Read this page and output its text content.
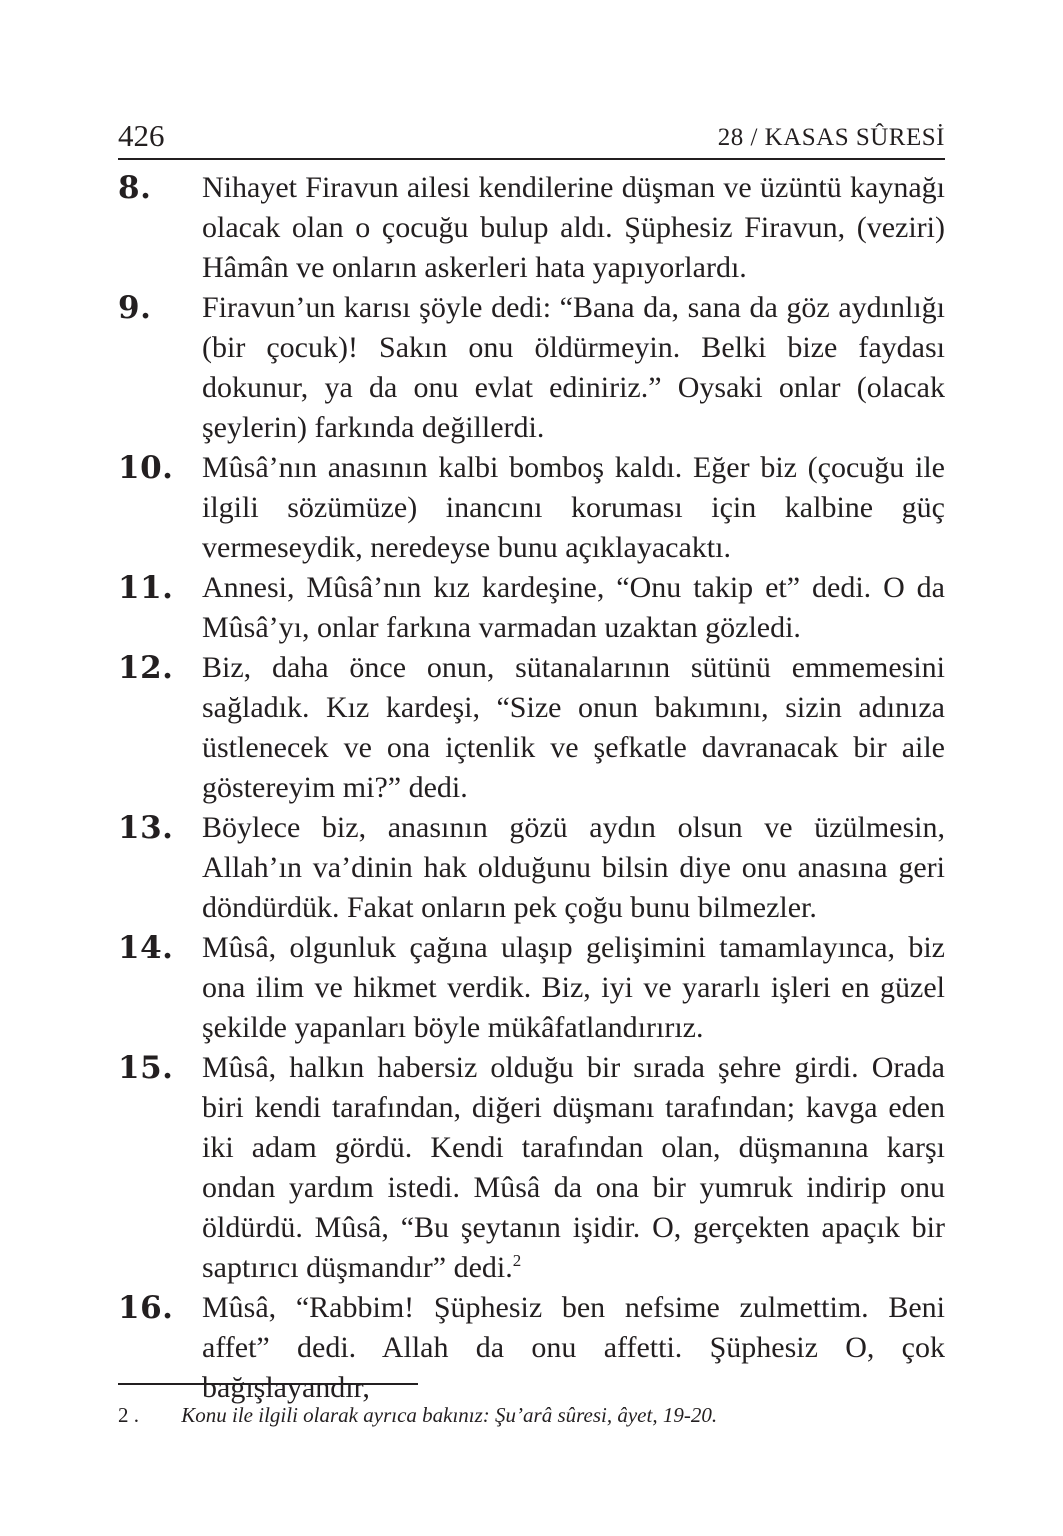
426	28 / KASAS SÛRESİ
8.	Nihayet Firavun ailesi kendilerine düşman ve üzüntü kaynağı olacak olan o çocuğu bulup aldı. Şüphesiz Firavun, (veziri) Hâmân ve onların askerleri hata yapıyorlardı.

9.	Firavun’un karısı şöyle dedi: “Bana da, sana da göz aydınlığı (bir çocuk)! Sakın onu öldürmeyin. Belki bize faydası dokunur, ya da onu evlat ediniriz.” Oysaki onlar (olacak şeylerin) farkında değillerdi.

10. Mûsâ’nın anasının kalbi bomboş kaldı. Eğer biz (çocuğu ile ilgili sözümüze) inancını koruması için kalbine güç vermeseydik, neredeyse bunu açıklayacaktı.

11. Annesi, Mûsâ’nın kız kardeşine, “Onu takip et” dedi. O da Mûsâ’yı, onlar farkına varmadan uzaktan gözledi.

12. Biz, daha önce onun, sütanalarının sütünü emmemesini sağladık. Kız kardeşi, “Size onun bakımını, sizin adınıza üstlenecek ve ona içtenlik ve şefkatle davranacak bir aile göstereyim mi?” dedi.

13. Böylece biz, anasının gözü aydın olsun ve üzülmesin, Allah’ın va’dinin hak olduğunu bilsin diye onu anasına geri döndürdük. Fakat onların pek çoğu bunu bilmezler.

14. Mûsâ, olgunluk çağına ulaşıp gelişimini tamamlayınca, biz ona ilim ve hikmet verdik. Biz, iyi ve yararlı işleri en güzel şekilde yapanları böyle mükâfatlandırırız.

15. Mûsâ, halkın habersiz olduğu bir sırada şehre girdi. Orada biri kendi tarafından, diğeri düşmanı tarafından; kavga eden iki adam gördü. Kendi tarafından olan, düşmanına karşı ondan yardım istedi. Mûsâ da ona bir yumruk indirip onu öldürdü. Mûsâ, “Bu şeytanın işidir. O, gerçekten apaçık bir saptırıcı düşmandır” dedi.$^2$

16. Mûsâ, “Rabbim! Şüphesiz ben nefsime zulmettim. Beni affet” dedi. Allah da onu affetti. Şüphesiz O, çok bağışlayandır,

2 . Konu ile ilgili olarak ayrıca bakınız: Şu’arâ sûresi, âyet, 19-20.
